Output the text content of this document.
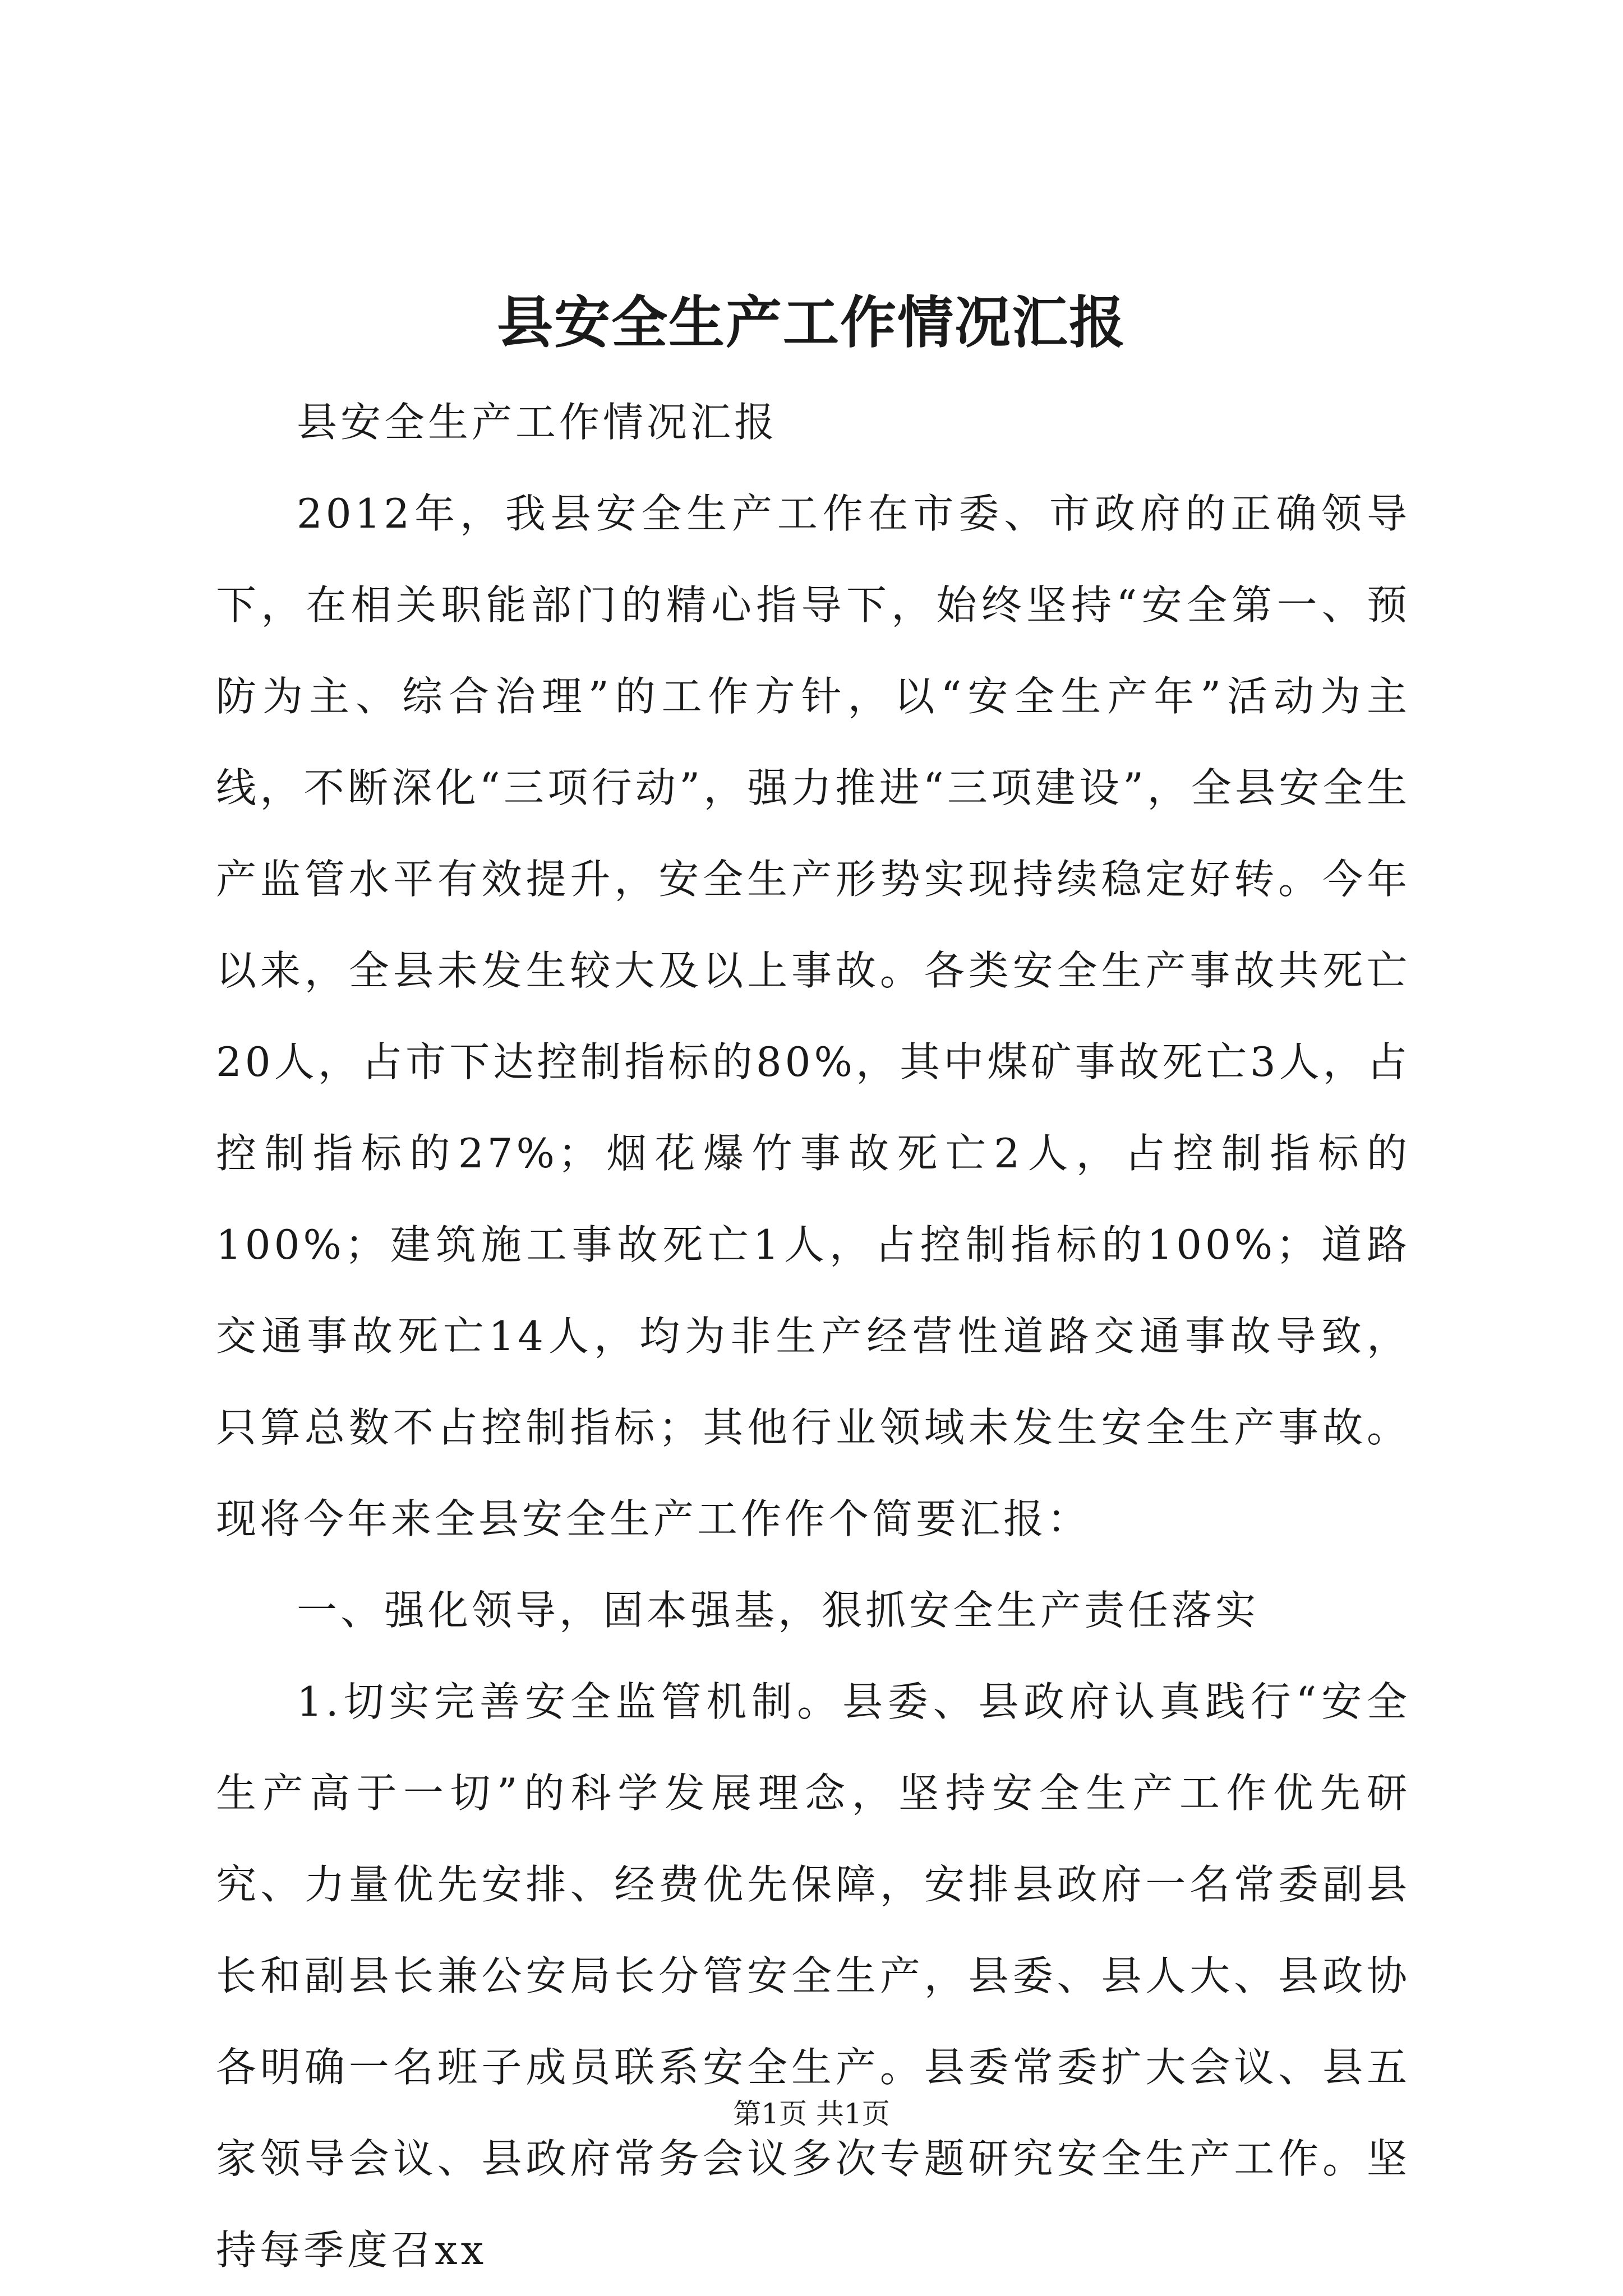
县安全生产工作情况汇报

县安全生产工作情况汇报

2012年，我县安全生产工作在市委、市政府的正确领导下，在相关职能部门的精心指导下，始终坚持“安全第一、预防为主、综合治理”的工作方针，以“安全生产年”活动为主线，不断深化“三项行动”，强力推进“三项建设”，全县安全生产监管水平有效提升，安全生产形势实现持续稳定好转。今年以来，全县未发生较大及以上事故。各类安全生产事故共死亡20人，占市下达控制指标的80%，其中煤矿事故死亡3人，占控制指标的27%；烟花爆竹事故死亡2人，占控制指标的100%；建筑施工事故死亡1人，占控制指标的100%；道路交通事故死亡14人，均为非生产经营性道路交通事故导致，只算总数不占控制指标；其他行业领域未发生安全生产事故。现将今年来全县安全生产工作作个简要汇报：

一、强化领导，固本强基，狠抓安全生产责任落实

1.切实完善安全监管机制。县委、县政府认真践行“安全生产高于一切”的科学发展理念，坚持安全生产工作优先研究、力量优先安排、经费优先保障，安排县政府一名常委副县长和副县长兼公安局长分管安全生产，县委、县人大、县政协各明确一名班子成员联系安全生产。县委常委扩大会议、县五家领导会议、县政府常务会议多次专题研究安全生产工作。坚持每季度召xx

第1页 共1页
